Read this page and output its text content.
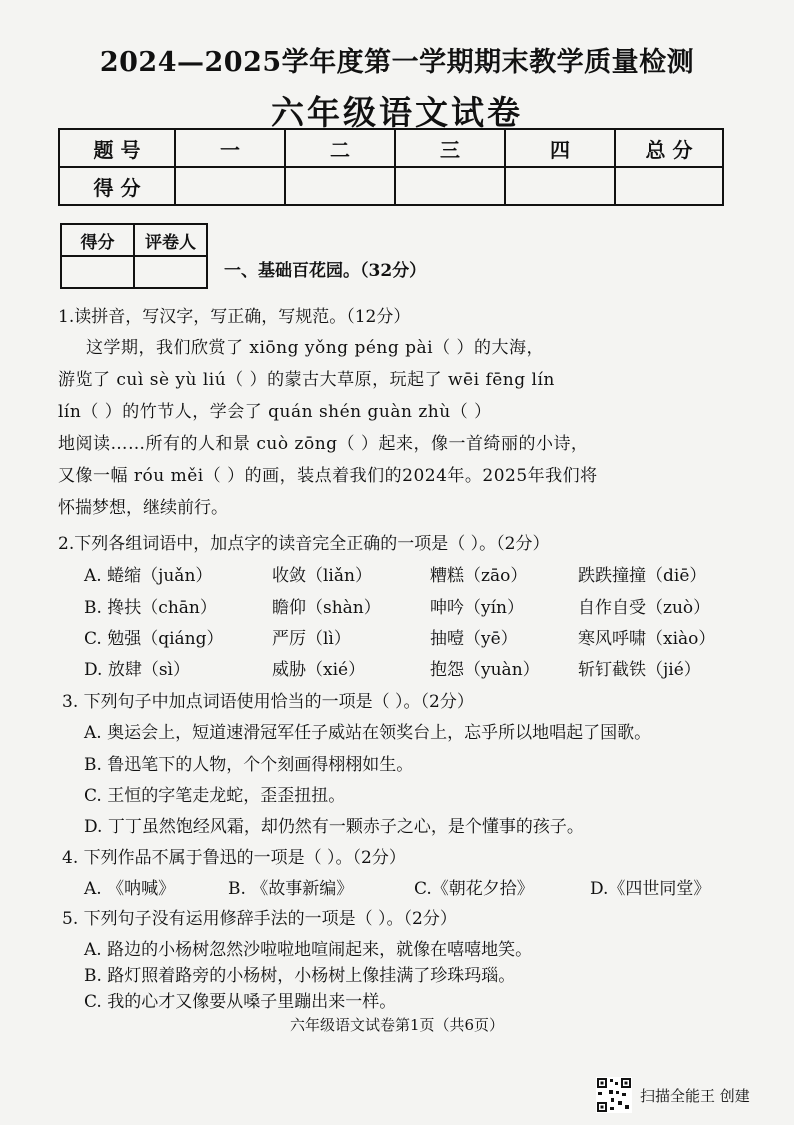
2024—2025学年度第一学期期末教学质量检测
六年级语文试卷
题 号	一	二	三	四	总 分
得 分					
得分	评卷人

一、基础百花园。（32分）
1.读拼音，写汉字，写正确，写规范。（12分）
这学期，我们欣赏了 xiōng yǒng péng pài（ ）的大海，
游览了 cuì sè yù liú（ ）的蒙古大草原，玩起了 wēi fēng lín
lín（ ）的竹节人，学会了 quán shén guàn zhù（ ）
地阅读……所有的人和景 cuò zōng（ ）起来，像一首绮丽的小诗，
又像一幅 róu měi（ ）的画，装点着我们的2024年。2025年我们将
怀揣梦想，继续前行。
2.下列各组词语中，加点字的读音完全正确的一项是（ ）。（2分）
A. 蜷缩（juǎn）	收敛（liǎn）	糟糕（zāo）	跌跌撞撞（diē）
B. 搀扶（chān）	瞻仰（shàn）	呻吟（yín）	自作自受（zuò）
C. 勉强（qiáng）	严厉（lì）	抽噎（yē）	寒风呼啸（xiào）
D. 放肆（sì）	威胁（xié）	抱怨（yuàn） 斩钉截铁（jié）
3. 下列句子中加点词语使用恰当的一项是（ ）。（2分）
A. 奥运会上，短道速滑冠军任子威站在领奖台上，忘乎所以地唱起了国歌。
B. 鲁迅笔下的人物，个个刻画得栩栩如生。
C. 王恒的字笔走龙蛇，歪歪扭扭。
D. 丁丁虽然饱经风霜，却仍然有一颗赤子之心，是个懂事的孩子。
4. 下列作品不属于鲁迅的一项是（ ）。（2分）
A. 《呐喊》	B. 《故事新编》	C.《朝花夕拾》	D.《四世同堂》
5. 下列句子没有运用修辞手法的一项是（ ）。（2分）
A. 路边的小杨树忽然沙啦啦地喧闹起来，就像在嘻嘻地笑。
B. 路灯照着路旁的小杨树，小杨树上像挂满了珍珠玛瑙。
C. 我的心才又像要从嗓子里蹦出来一样。
六年级语文试卷第1页（共6页）
扫描全能王 创建
